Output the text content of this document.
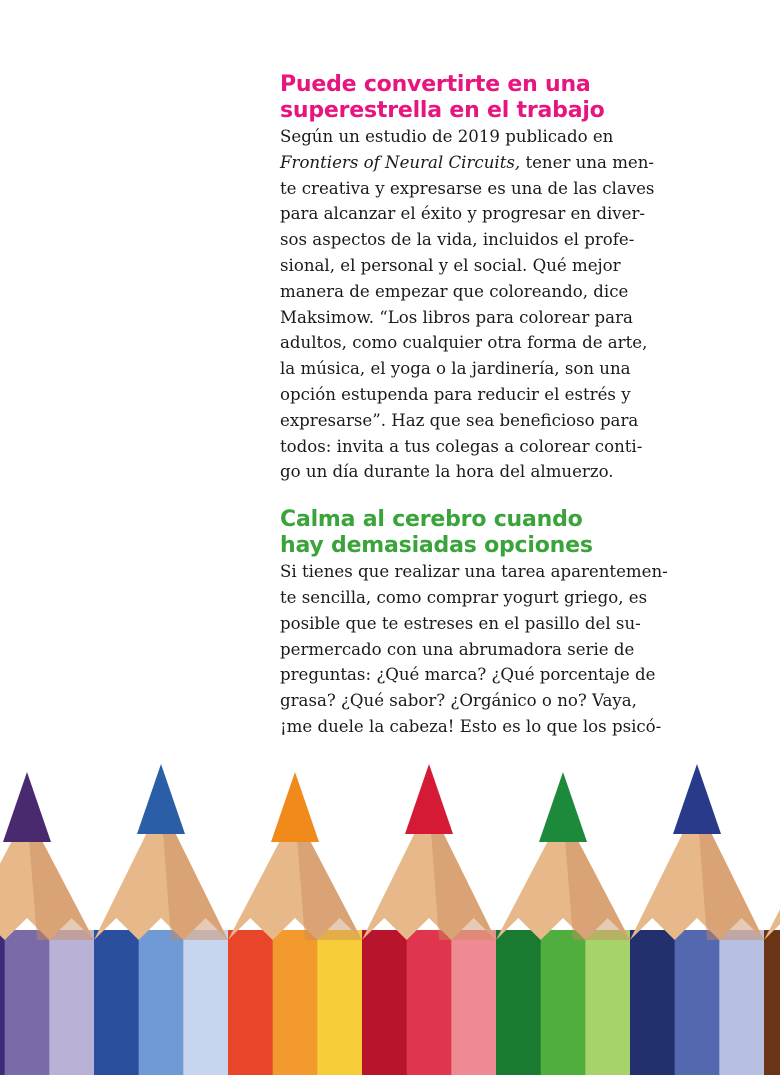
Puede convertirte en una
superestrella en el trabajo

Según un estudio de 2019 publicado en
Frontiers of Neural Circuits, tener una men-
te creativa y expresarse es una de las claves
para alcanzar el éxito y progresar en diver-
sos aspectos de la vida, incluidos el profe-
sional, el personal y el social. Qué mejor
manera de empezar que coloreando, dice
Maksimow. “Los libros para colorear para
adultos, como cualquier otra forma de arte,
la música, el yoga o la jardinería, son una
opción estupenda para reducir el estrés y
expresarse”. Haz que sea beneficioso para
todos: invita a tus colegas a colorear conti-
go un día durante la hora del almuerzo.

Calma al cerebro cuando
hay demasiadas opciones

Si tienes que realizar una tarea aparentemen-
te sencilla, como comprar yogurt griego, es
posible que te estreses en el pasillo del su-
permercado con una abrumadora serie de
preguntas: ¿Qué marca? ¿Qué porcentaje de
grasa? ¿Qué sabor? ¿Orgánico o no? Vaya,
¡me duele la cabeza! Esto es lo que los psicó-
